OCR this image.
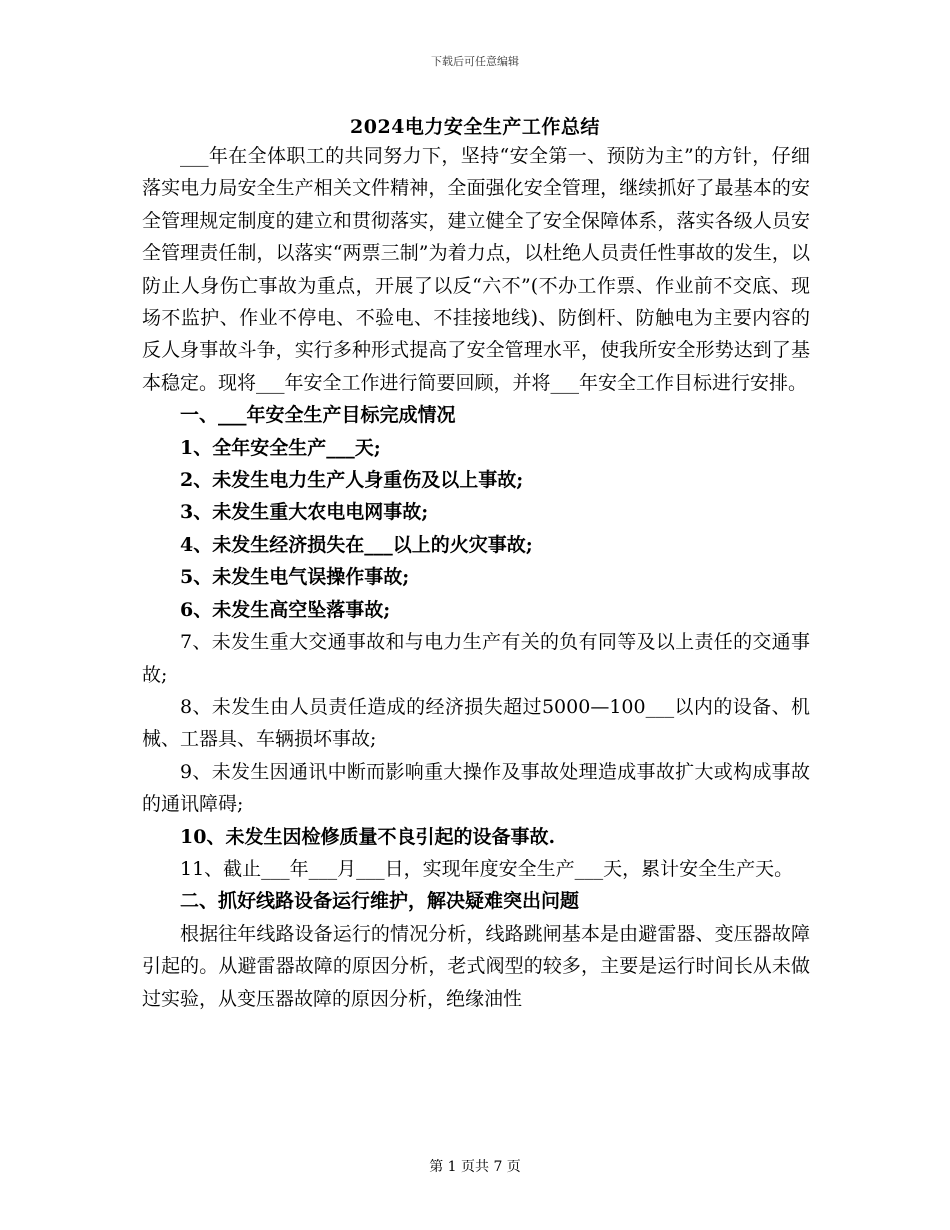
下载后可任意编辑
2024电力安全生产工作总结

___年在全体职工的共同努力下，坚持“安全第一、预防为主”的方针，仔细落实电力局安全生产相关文件精神，全面强化安全管理，继续抓好了最基本的安全管理规定制度的建立和贯彻落实，建立健全了安全保障体系，落实各级人员安全管理责任制，以落实“两票三制”为着力点，以杜绝人员责任性事故的发生，以防止人身伤亡事故为重点，开展了以反“六不”(不办工作票、作业前不交底、现场不监护、作业不停电、不验电、不挂接地线)、防倒杆、防触电为主要内容的反人身事故斗争，实行多种形式提高了安全管理水平，使我所安全形势达到了基本稳定。现将___年安全工作进行简要回顾，并将___年安全工作目标进行安排。

一、___年安全生产目标完成情况

1、全年安全生产___天;

2、未发生电力生产人身重伤及以上事故;

3、未发生重大农电电网事故;

4、未发生经济损失在___以上的火灾事故;

5、未发生电气误操作事故;

6、未发生高空坠落事故;

7、未发生重大交通事故和与电力生产有关的负有同等及以上责任的交通事故;

8、未发生由人员责任造成的经济损失超过5000—100___以内的设备、机械、工器具、车辆损坏事故;

9、未发生因通讯中断而影响重大操作及事故处理造成事故扩大或构成事故的通讯障碍;

10、未发生因检修质量不良引起的设备事故.

11、截止___年___月___日，实现年度安全生产___天，累计安全生产天。

二、抓好线路设备运行维护，解决疑难突出问题

根据往年线路设备运行的情况分析，线路跳闸基本是由避雷器、变压器故障引起的。从避雷器故障的原因分析，老式阀型的较多，主要是运行时间长从未做过实验，从变压器故障的原因分析，绝缘油性

第 1 页共 7 页
